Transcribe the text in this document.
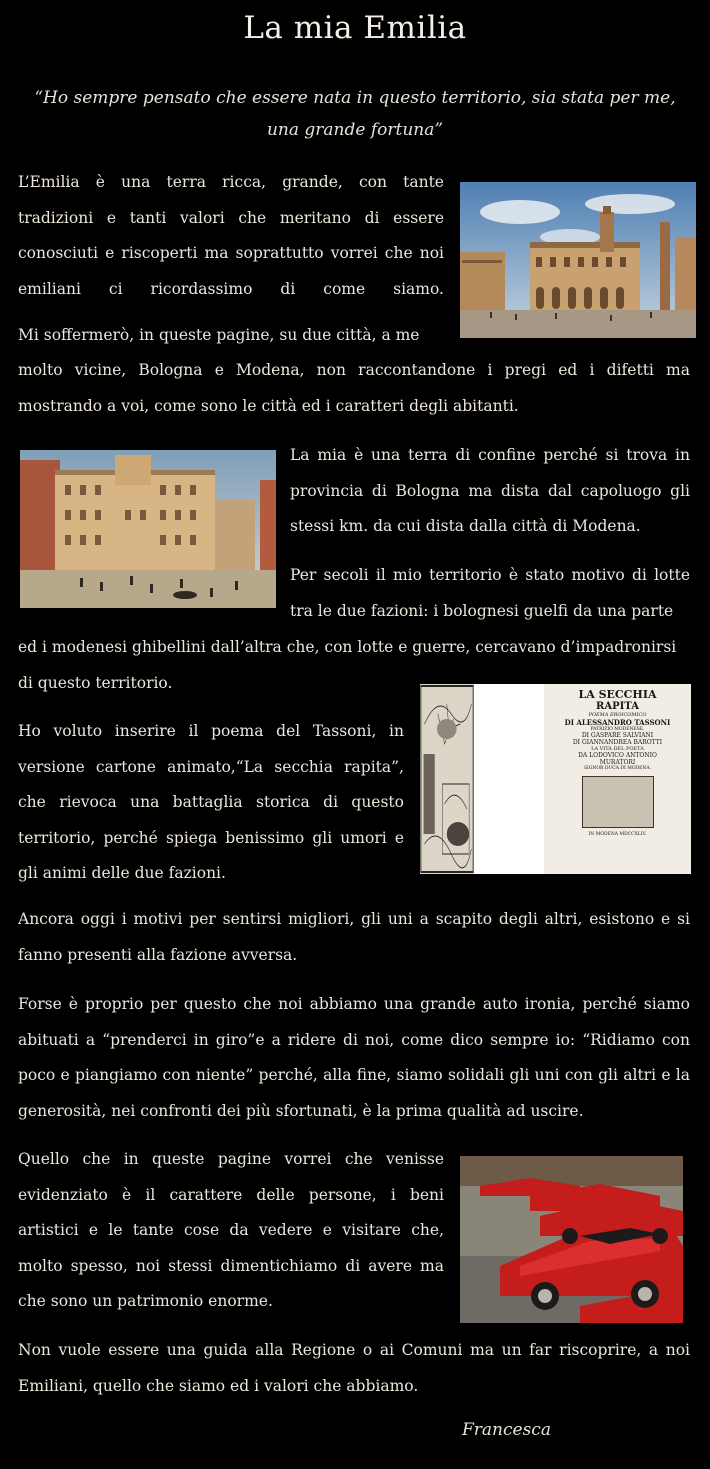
La mia Emilia
“Ho sempre pensato che essere nata in questo territorio, sia stata per me, una grande fortuna”
L’Emilia è una terra ricca, grande, con tante tradizioni e tanti valori che meritano di essere conosciuti e riscoperti ma soprattutto vorrei che noi emiliani ci ricordassimo di come siamo.
Mi soffermerò, in queste pagine, su due città, a me
molto vicine, Bologna e Modena, non raccontandone i pregi ed i difetti ma mostrando a voi, come sono le città ed i caratteri degli abitanti.
La mia è una terra di confine perché si trova in provincia di Bologna ma dista dal capoluogo gli stessi km. da cui dista dalla città di Modena.
Per secoli il mio territorio è stato motivo di lotte tra le due fazioni: i bolognesi guelfi da una parte
ed i modenesi ghibellini dall’altra che, con lotte e guerre, cercavano d’impadronirsi di questo territorio.
LA SECCHIA
RAPITA
POEMA EROICOMICO
DI ALESSANDRO TASSONI
PATRIZIO MODENESE,
DI GASPARE SALVIANI
DI GIANNANDREA BAROTTI
LA VITA DEL POETA
DA LODOVICO ANTONIO
MURATORI
SIGNOR DUCA DI MODENA.
IN MODENA MDCCXLIV.
Ho voluto inserire il poema del Tassoni, in versione cartone animato,“La secchia rapita”, che rievoca una battaglia storica di questo territorio, perché spiega benissimo gli umori e gli animi delle due fazioni.
Ancora oggi i motivi per sentirsi migliori, gli uni a scapito degli altri, esistono e si fanno presenti alla fazione avversa.
Forse è proprio per questo che noi abbiamo una grande auto ironia, perché siamo abituati a “prenderci in giro”e a ridere di noi, come dico sempre io: “Ridiamo con poco e piangiamo con niente” perché, alla fine, siamo solidali gli uni con gli altri e la generosità, nei confronti dei più sfortunati, è la prima qualità ad uscire.
Quello che in queste pagine vorrei che venisse evidenziato è il carattere delle persone, i beni artistici e le tante cose da vedere e visitare che, molto spesso, noi stessi dimentichiamo di avere ma che sono un patrimonio enorme.
Non vuole essere una guida alla Regione o ai Comuni ma un far riscoprire, a noi Emiliani, quello che siamo ed i valori che abbiamo.
Francesca
